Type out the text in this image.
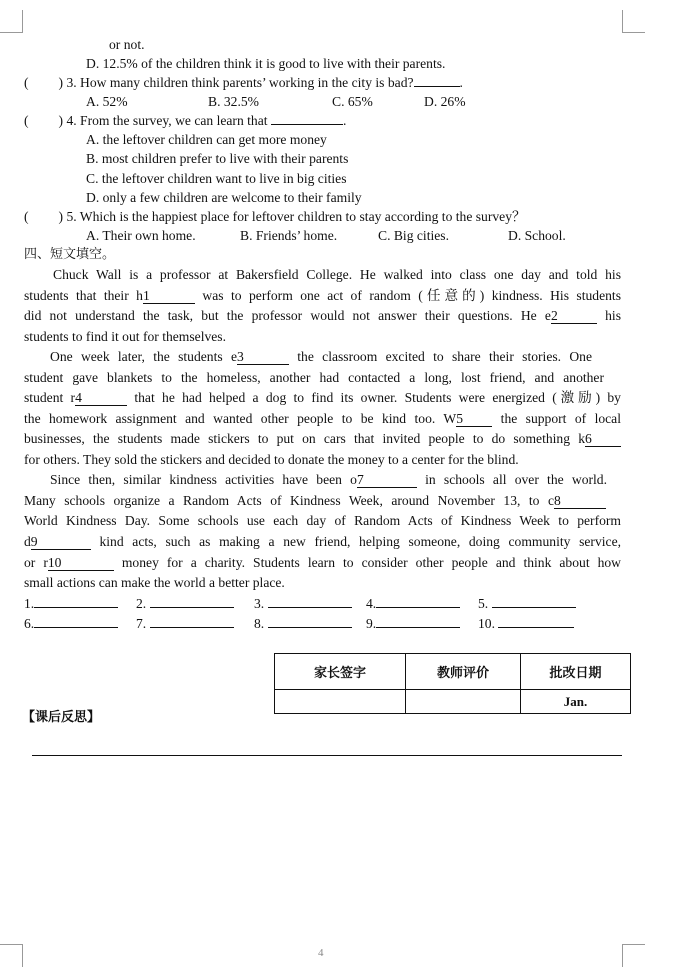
or not.
D. 12.5% of the children think it is good to live with their parents.
( ) 3. How many children think parents’ working in the city is bad?	.
A. 52%	B. 32.5%	C. 65%	D. 26%
( ) 4. From the survey, we can learn that	.
A. the leftover children can get more money
B. most children prefer to live with their parents
C. the leftover children want to live in big cities
D. only a few children are welcome to their family
( ) 5. Which is the happiest place for leftover children to stay according to the survey？
A. Their own home.	B. Friends’ home.	C. Big cities.	D. School.
四、短文填空。
Chuck Wall is a professor at Bakersfield College. He walked into class one day and told his
students that their h1	was to perform one act of random (任意的) kindness. His students
did not understand the task, but the professor would not answer their questions. He e2	his
students to find it out for themselves.
One week later, the students e3	the classroom excited to share their stories. One
student gave blankets to the homeless, another had contacted a long, lost friend, and another
student r4	that he had helped a dog to find its owner. Students were energized (激励) by
the homework assignment and wanted other people to be kind too. W5 the support of local
businesses, the students made stickers to put on cars that invited people to do something k6
for others. They sold the stickers and decided to donate the money to a center for the blind.
Since then, similar kindness activities have been o7	in schools all over the world.
Many schools organize a Random Acts of Kindness Week, around November 13, to c8
World Kindness Day. Some schools use each day of Random Acts of Kindness Week to perform
d9	kind acts, such as making a new friend, helping someone, doing community service,
or r10	money for a charity. Students learn to consider other people and think about how
small actions can make the world a better place.
1.	2.	3.	4.	5.
6.	7.	8.	9.	10.
家长签字	教师评价	批改日期
		Jan.
【课后反思】
4
